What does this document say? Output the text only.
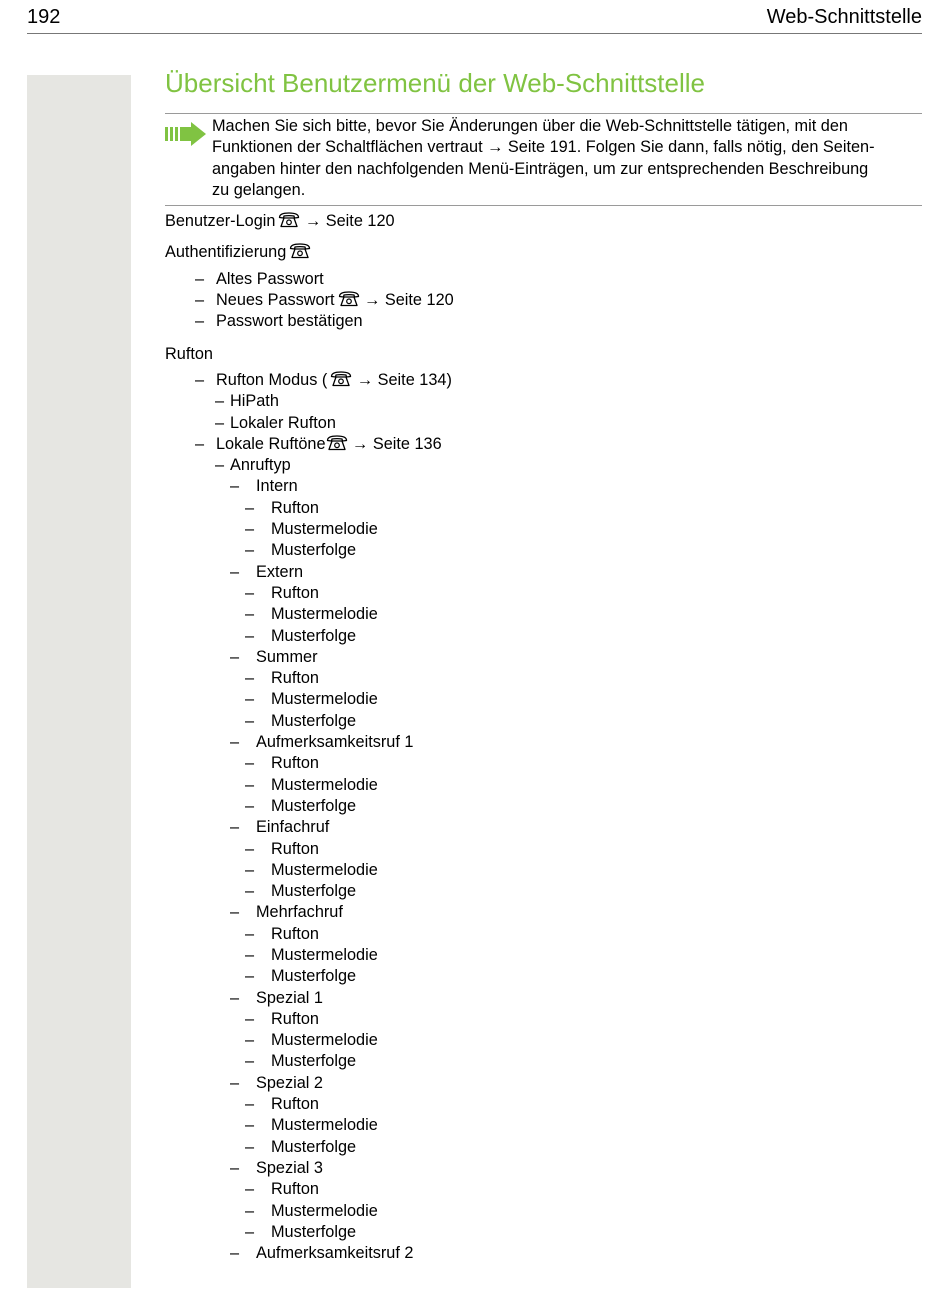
192	Web-Schnittstelle
Übersicht Benutzermenü der Web-Schnittstelle
Machen Sie sich bitte, bevor Sie Änderungen über die Web-Schnittstelle tätigen, mit den
Funktionen der Schaltflächen vertraut → Seite 191. Folgen Sie dann, falls nötig, den Seiten-
angaben hinter den nachfolgenden Menü-Einträgen, um zur entsprechenden Beschreibung
zu gelangen.
Benutzer-Login → Seite 120
Authentifizierung
– Altes Passwort
– Neues Passwort → Seite 120
– Passwort bestätigen
Rufton
– Rufton Modus ( → Seite 134)
– HiPath
– Lokaler Rufton
– Lokale Ruftöne → Seite 136
– Anruftyp
– Intern
– Rufton
– Mustermelodie
– Musterfolge
– Extern
– Rufton
– Mustermelodie
– Musterfolge
– Summer
– Rufton
– Mustermelodie
– Musterfolge
– Aufmerksamkeitsruf 1
– Rufton
– Mustermelodie
– Musterfolge
– Einfachruf
– Rufton
– Mustermelodie
– Musterfolge
– Mehrfachruf
– Rufton
– Mustermelodie
– Musterfolge
– Spezial 1
– Rufton
– Mustermelodie
– Musterfolge
– Spezial 2
– Rufton
– Mustermelodie
– Musterfolge
– Spezial 3
– Rufton
– Mustermelodie
– Musterfolge
– Aufmerksamkeitsruf 2
